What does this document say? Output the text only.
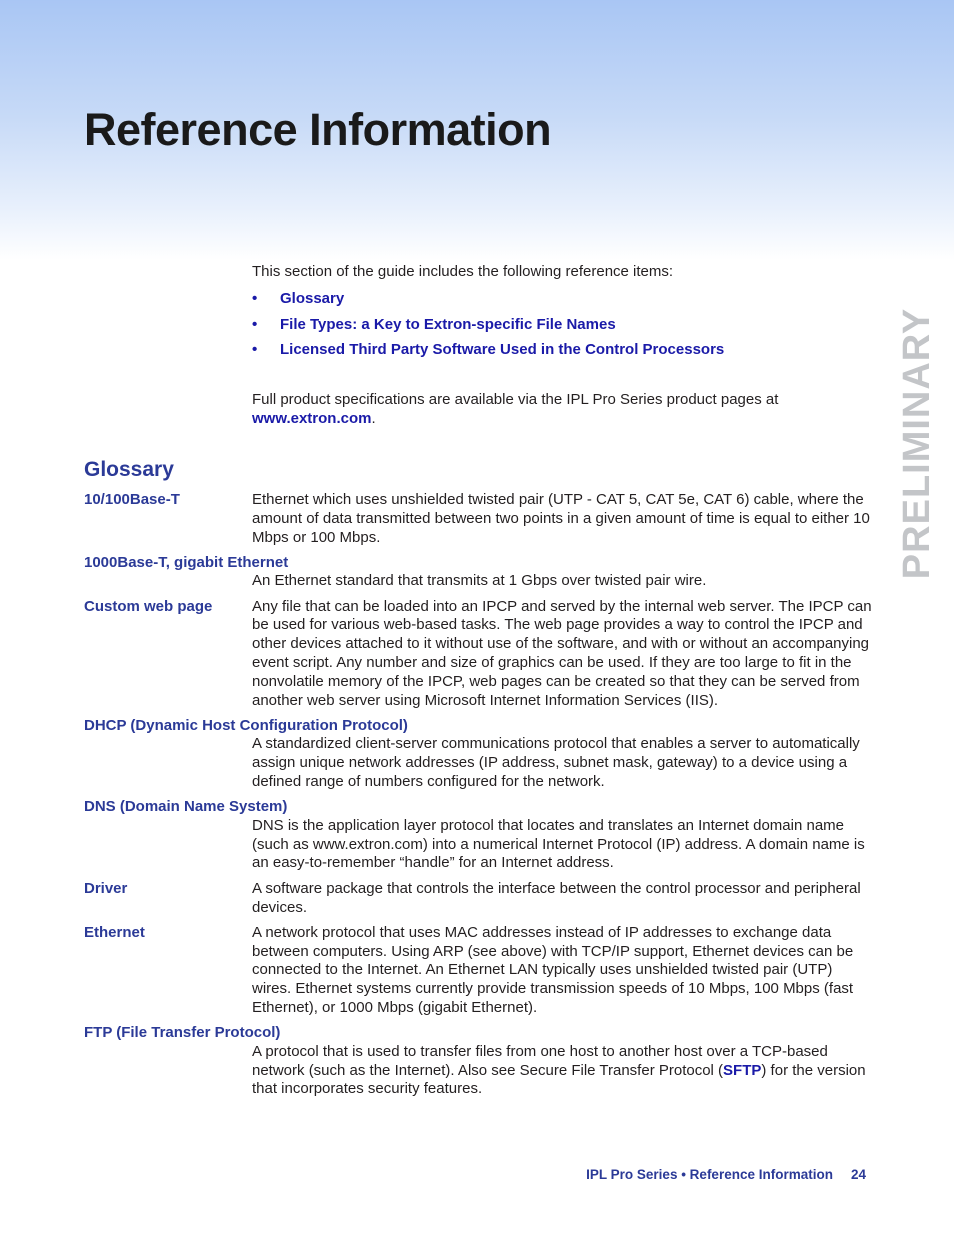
Reference Information
PRELIMINARY

This section of the guide includes the following reference items:

• Glossary
• File Types: a Key to Extron-specific File Names
• Licensed Third Party Software Used in the Control Processors

Full product specifications are available via the IPL Pro Series product pages at
www.extron.com.

Glossary
10/100Base-T	Ethernet which uses unshielded twisted pair (UTP - CAT 5, CAT 5e, CAT 6) cable, where the amount of data transmitted between two points in a given amount of time is equal to either 10 Mbps or 100 Mbps.
1000Base-T, gigabit Ethernet
An Ethernet standard that transmits at 1 Gbps over twisted pair wire.
Custom web page	Any file that can be loaded into an IPCP and served by the internal web server. The IPCP can be used for various web-based tasks. The web page provides a way to control the IPCP and other devices attached to it without use of the software, and with or without an accompanying event script. Any number and size of graphics can be used. If they are too large to fit in the nonvolatile memory of the IPCP, web pages can be created so that they can be served from another web server using Microsoft Internet Information Services (IIS).
DHCP (Dynamic Host Configuration Protocol)
A standardized client-server communications protocol that enables a server to automatically assign unique network addresses (IP address, subnet mask, gateway) to a device using a defined range of numbers configured for the network.
DNS (Domain Name System)
DNS is the application layer protocol that locates and translates an Internet domain name (such as www.extron.com) into a numerical Internet Protocol (IP) address. A domain name is an easy-to-remember “handle” for an Internet address.
Driver	A software package that controls the interface between the control processor and peripheral devices.
Ethernet	A network protocol that uses MAC addresses instead of IP addresses to exchange data between computers. Using ARP (see above) with TCP/IP support, Ethernet devices can be connected to the Internet. An Ethernet LAN typically uses unshielded twisted pair (UTP) wires. Ethernet systems currently provide transmission speeds of 10 Mbps, 100 Mbps (fast Ethernet), or 1000 Mbps (gigabit Ethernet).
FTP (File Transfer Protocol)
A protocol that is used to transfer files from one host to another host over a TCP-based network (such as the Internet). Also see Secure File Transfer Protocol (SFTP) for the version that incorporates security features.
IPL Pro Series • Reference Information 24
